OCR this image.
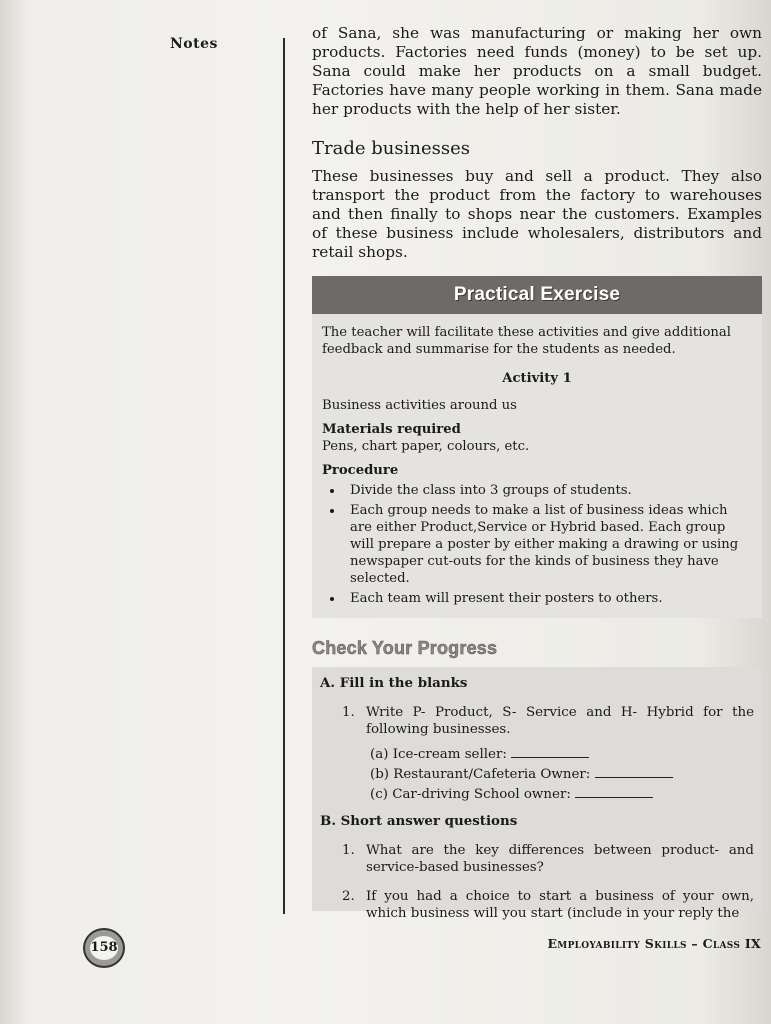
Notes

of Sana, she was manufacturing or making her own products. Factories need funds (money) to be set up. Sana could make her products on a small budget. Factories have many people working in them. Sana made her products with the help of her sister.

Trade businesses

These businesses buy and sell a product. They also transport the product from the factory to warehouses and then finally to shops near the customers. Examples of these business include wholesalers, distributors and retail shops.

Practical Exercise

The teacher will facilitate these activities and give additional feedback and summarise for the students as needed.

Activity 1

Business activities around us

Materials required

Pens, chart paper, colours, etc.

Procedure

• Divide the class into 3 groups of students.
• Each group needs to make a list of business ideas which are either Product,Service or Hybrid based. Each group will prepare a poster by either making a drawing or using newspaper cut-outs for the kinds of business they have selected.
• Each team will present their posters to others.
Check Your Progress

A. Fill in the blanks

1. Write P- Product, S- Service and H- Hybrid for the following businesses.
(a) Ice-cream seller:
(b) Restaurant/Cafeteria Owner:
(c) Car-driving School owner:

B. Short answer questions

1. What are the key differences between product- and service-based businesses?
2. If you had a choice to start a business of your own, which business will you start (include in your reply the
158	Employability Skills – Class IX
